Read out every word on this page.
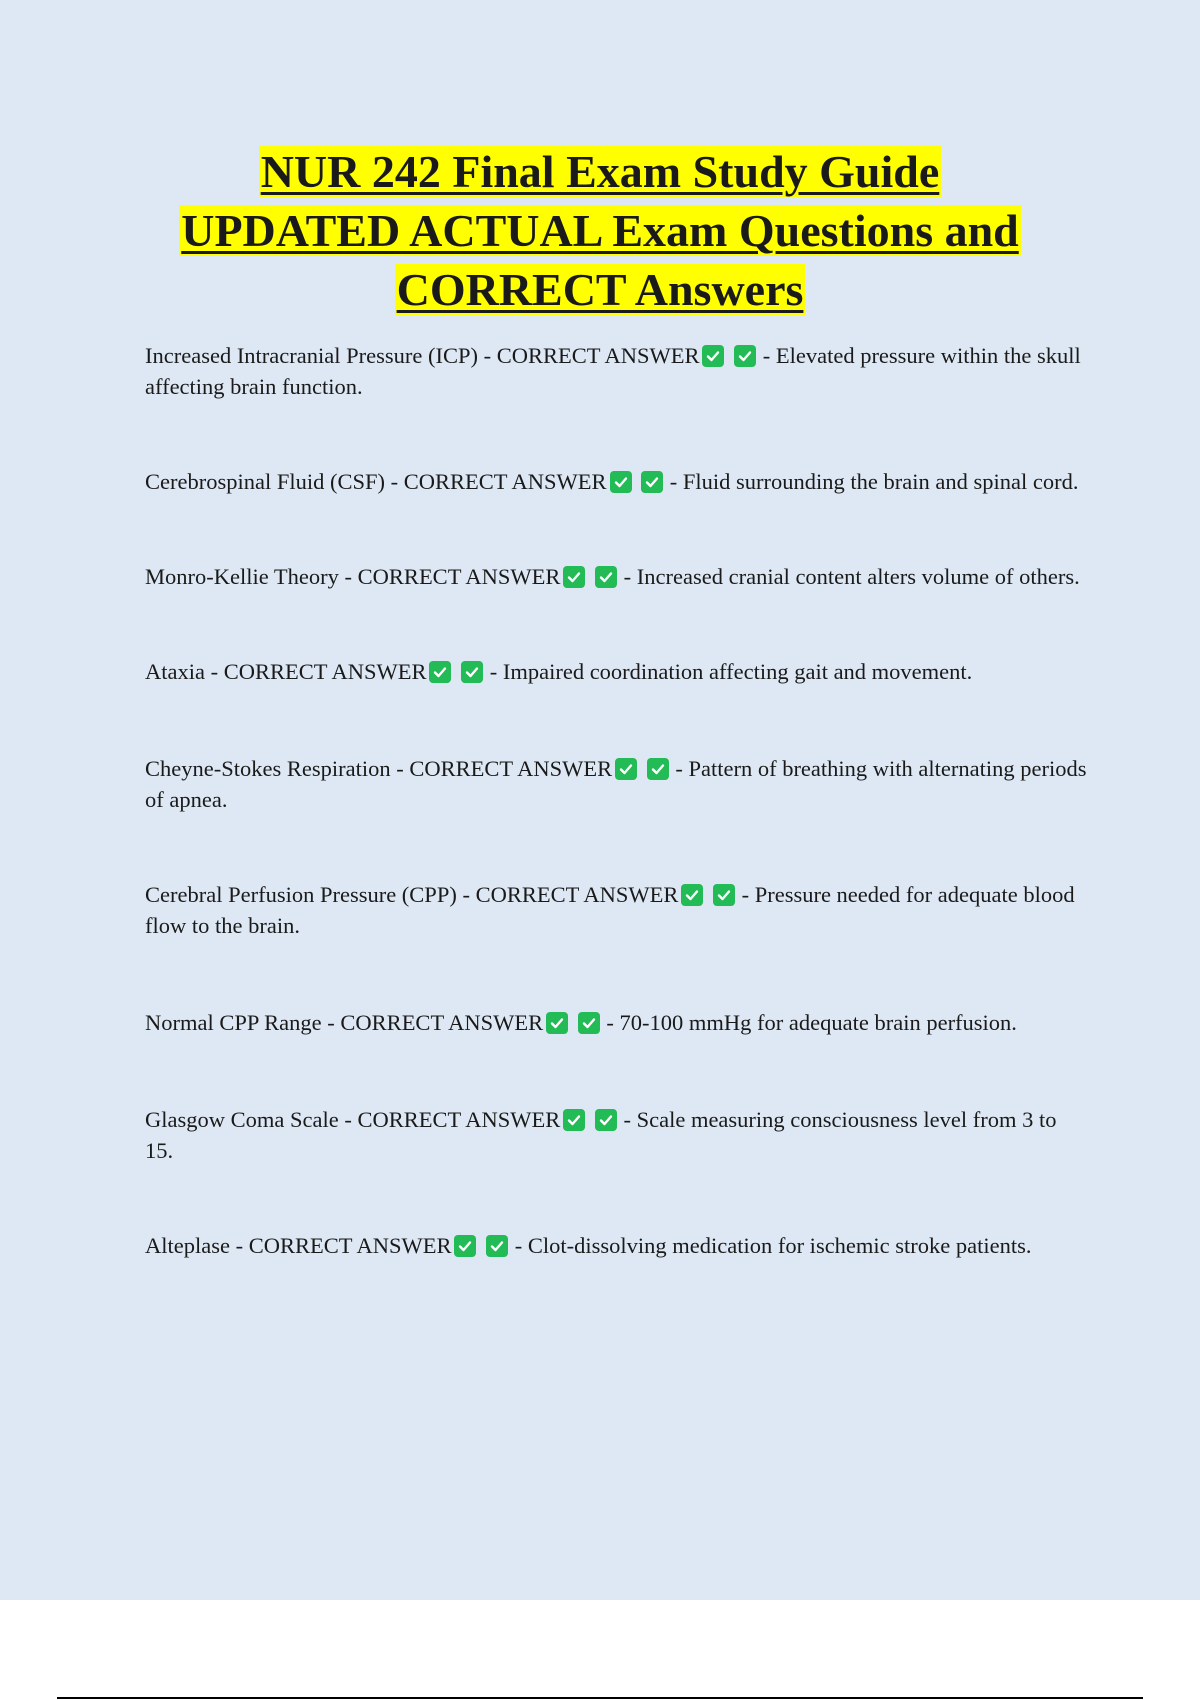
NUR 242 Final Exam Study Guide
UPDATED ACTUAL Exam Questions and
CORRECT Answers

Increased Intracranial Pressure (ICP) - CORRECT ANSWER
	- Elevated pressure within the skull affecting brain function.

Cerebrospinal Fluid (CSF) - CORRECT ANSWER
	- Fluid surrounding the brain and spinal cord.

Monro-Kellie Theory - CORRECT ANSWER
	- Increased cranial content alters volume of others.

Ataxia - CORRECT ANSWER
	- Impaired coordination affecting gait and movement.

Cheyne-Stokes Respiration - CORRECT ANSWER
	- Pattern of breathing with alternating periods of apnea.

Cerebral Perfusion Pressure (CPP) - CORRECT ANSWER
	- Pressure needed for adequate blood flow to the brain.

Normal CPP Range - CORRECT ANSWER
	- 70-100 mmHg for adequate brain perfusion.

Glasgow Coma Scale - CORRECT ANSWER
	- Scale measuring consciousness level from 3 to 15.

Alteplase - CORRECT ANSWER
	- Clot-dissolving medication for ischemic stroke patients.
